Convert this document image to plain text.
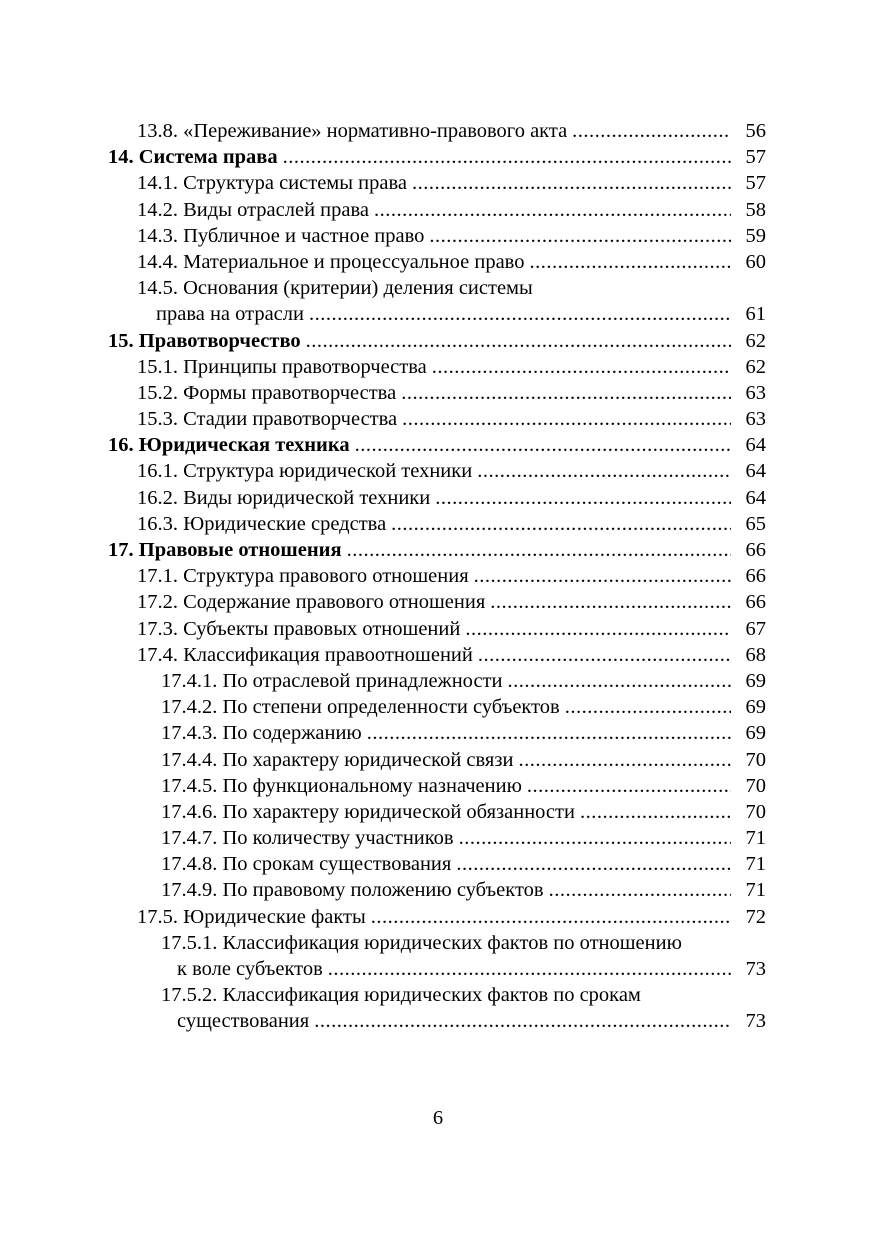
13.8. «Переживание» нормативно-правового акта .....	56
14. Система права .....	57
14.1. Структура системы права .....	57
14.2. Виды отраслей права .....	58
14.3. Публичное и частное право .....	59
14.4. Материальное и процессуальное право .....	60
14.5. Основания (критерии) деления системы
права на отрасли .....	61
15. Правотворчество .....	62
15.1. Принципы правотворчества .....	62
15.2. Формы правотворчества .....	63
15.3. Стадии правотворчества .....	63
16. Юридическая техника .....	64
16.1. Структура юридической техники .....	64
16.2. Виды юридической техники .....	64
16.3. Юридические средства .....	65
17. Правовые отношения .....	66
17.1. Структура правового отношения .....	66
17.2. Содержание правового отношения .....	66
17.3. Субъекты правовых отношений .....	67
17.4. Классификация правоотношений .....	68
17.4.1. По отраслевой принадлежности .....	69
17.4.2. По степени определенности субъектов .....	69
17.4.3. По содержанию .....	69
17.4.4. По характеру юридической связи .....	70
17.4.5. По функциональному назначению .....	70
17.4.6. По характеру юридической обязанности .....	70
17.4.7. По количеству участников .....	71
17.4.8. По срокам существования .....	71
17.4.9. По правовому положению субъектов .....	71
17.5. Юридические факты .....	72
17.5.1. Классификация юридических фактов по отношению
к воле субъектов .....	73
17.5.2. Классификация юридических фактов по срокам
существования .....	73
6
